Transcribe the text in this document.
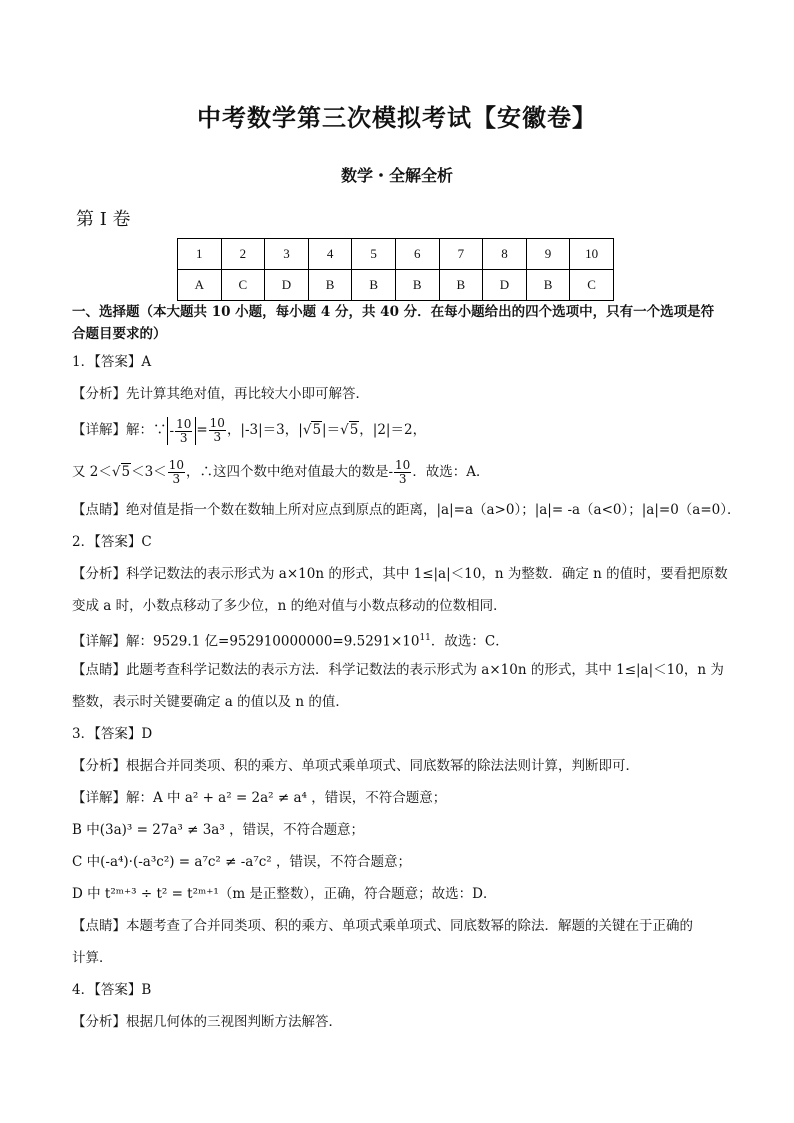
中考数学第三次模拟考试【安徽卷】
数学・全解全析
第 I 卷
1	2	3	4	5	6	7	8	9	10
A	C	D	B	B	B	B	D	B	C
一、选择题（本大题共 10 小题，每小题 4 分，共 40 分．在每小题给出的四个选项中，只有一个选项是符
合题目要求的）
1．【答案】A
【分析】先计算其绝对值，再比较大小即可解答．
【详解】解：∵ - $\frac{10}{3} = \frac{10}{3}$ ，|-3|＝3，|√5|＝√5，|2|＝2，
又 $2<√5<3< \frac{10}{3}$ ，∴这四个数中绝对值最大的数是- $\frac{10}{3}$ ．故选：A．
【点睛】绝对值是指一个数在数轴上所对应点到原点的距离，|a|=a（a>0）；|a|= -a（a<0）；|a|=0（a=0）．
2．【答案】C
【分析】科学记数法的表示形式为 a×10n 的形式，其中 1≤|a|＜10，n 为整数．确定 n 的值时，要看把原数
变成 a 时，小数点移动了多少位，n 的绝对值与小数点移动的位数相同．
【详解】解：9529.1 亿$=952910000000=9.5291\times 10^{11}$．故选：C．
【点睛】此题考查科学记数法的表示方法．科学记数法的表示形式为 a×10n 的形式，其中 1≤|a|＜10，n 为
整数，表示时关键要确定 a 的值以及 n 的值．
3．【答案】D
【分析】根据合并同类项、积的乘方、单项式乘单项式、同底数幂的除法法则计算，判断即可．
【详解】解：A 中 a² + a² = 2a² ≠ a⁴ ，错误，不符合题意；
B 中(3a)³ = 27a³ ≠ 3a³ ，错误，不符合题意；
C 中(-a⁴)·(-a³c²) = a⁷c² ≠ -a⁷c² ，错误，不符合题意；
D 中 t²ᵐ⁺³ ÷ t² = t²ᵐ⁺¹（m 是正整数），正确，符合题意；故选：D．
【点睛】本题考查了合并同类项、积的乘方、单项式乘单项式、同底数幂的除法．解题的关键在于正确的
计算．
4．【答案】B
【分析】根据几何体的三视图判断方法解答．
